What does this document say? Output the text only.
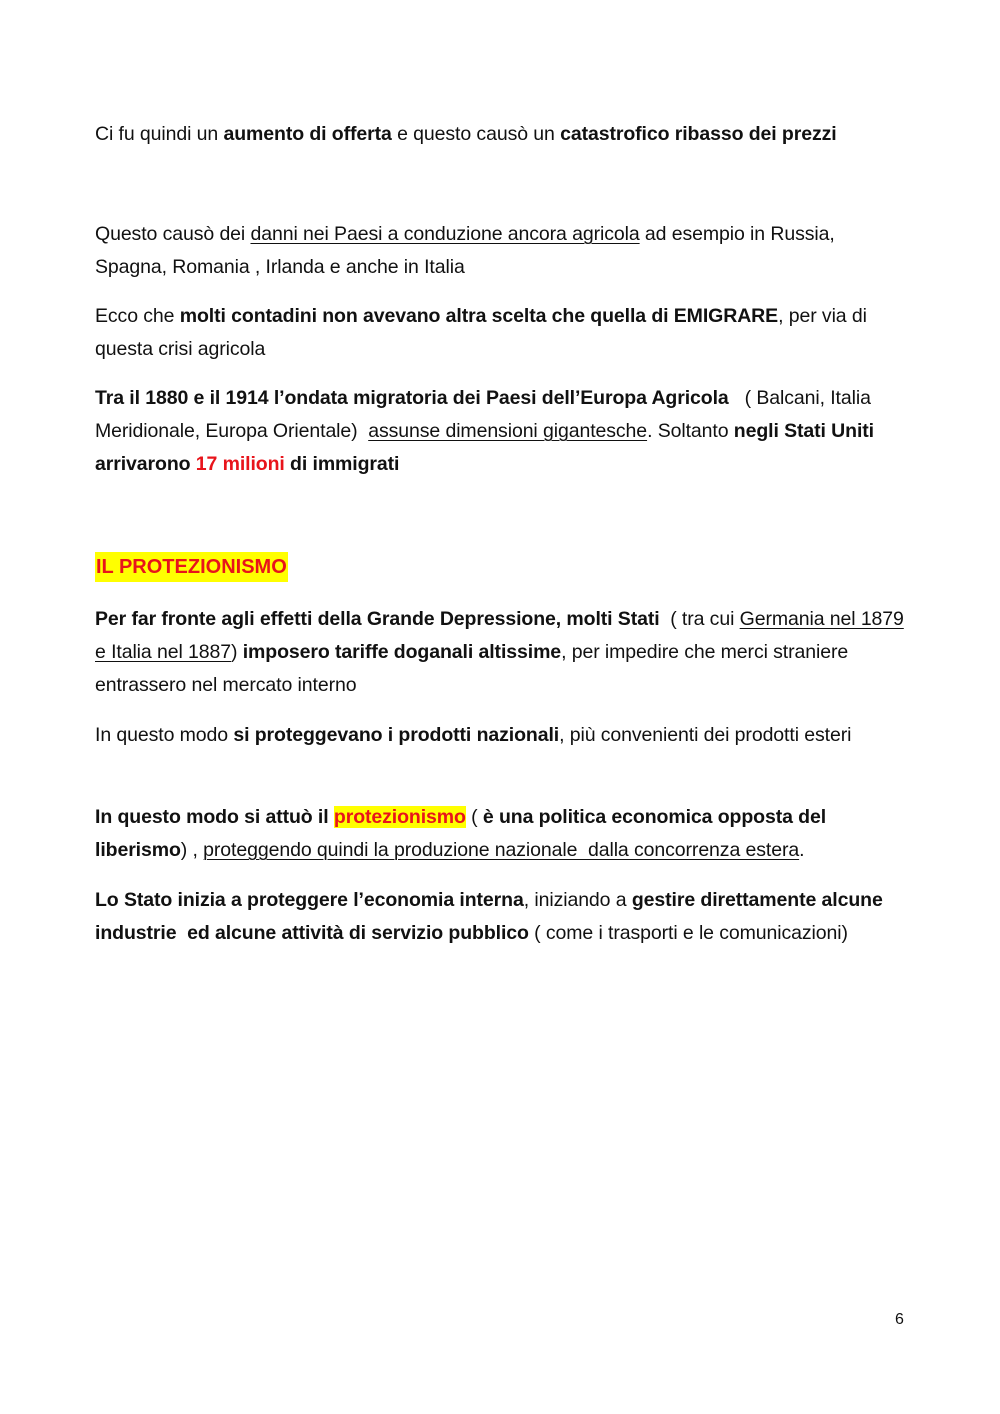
Ci fu quindi un aumento di offerta e questo causò un catastrofico ribasso dei prezzi

Questo causò dei danni nei Paesi a conduzione ancora agricola ad esempio in Russia, Spagna, Romania , Irlanda e anche in Italia

Ecco che molti contadini non avevano altra scelta che quella di EMIGRARE, per via di questa crisi agricola

Tra il 1880 e il 1914 l’ondata migratoria dei Paesi dell’Europa Agricola   ( Balcani, Italia Meridionale, Europa Orientale)  assunse dimensioni gigantesche. Soltanto negli Stati Uniti arrivarono 17 milioni di immigrati

IL PROTEZIONISMO

Per far fronte agli effetti della Grande Depressione, molti Stati  ( tra cui Germania nel 1879 e Italia nel 1887) imposero tariffe doganali altissime, per impedire che merci straniere entrassero nel mercato interno

In questo modo si proteggevano i prodotti nazionali, più convenienti dei prodotti esteri

In questo modo si attuò il protezionismo ( è una politica economica opposta del liberismo) , proteggendo quindi la produzione nazionale  dalla concorrenza estera.

Lo Stato inizia a proteggere l’economia interna, iniziando a gestire direttamente alcune industrie  ed alcune attività di servizio pubblico ( come i trasporti e le comunicazioni)

6
